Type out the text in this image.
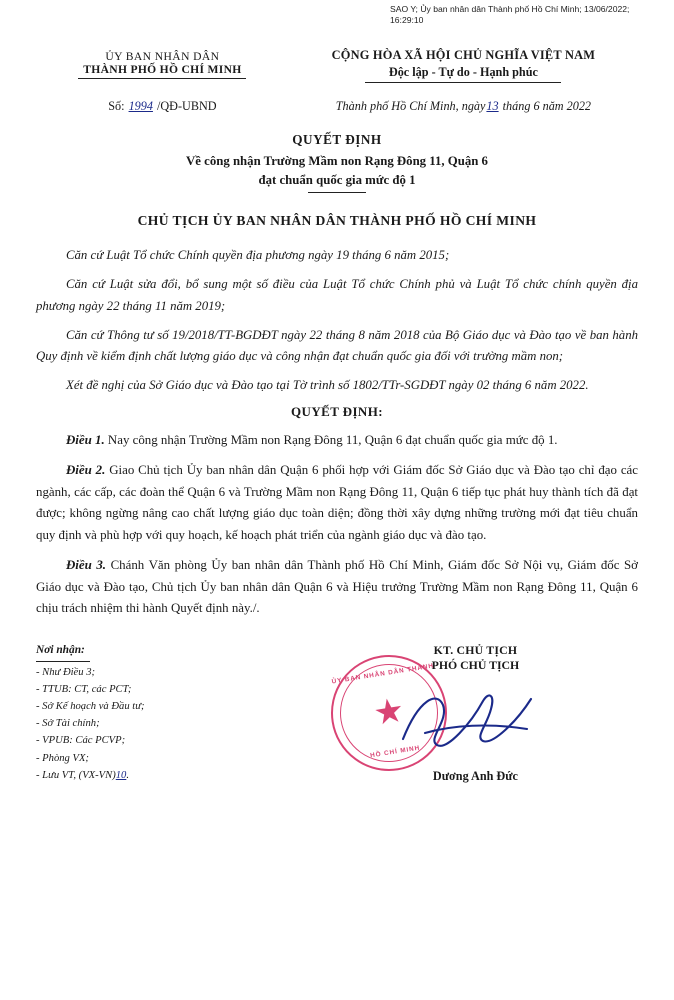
SAO Y; Ủy ban nhân dân Thành phố Hồ Chí Minh; 13/06/2022; 16:29:10
ỦY BAN NHÂN DÂN
THÀNH PHỐ HỒ CHÍ MINH
CỘNG HÒA XÃ HỘI CHỦ NGHĨA VIỆT NAM
Độc lập - Tự do - Hạnh phúc
Số: 1994 /QĐ-UBND	Thành phố Hồ Chí Minh, ngày13 tháng 6 năm 2022
QUYẾT ĐỊNH
Về công nhận Trường Mầm non Rạng Đông 11, Quận 6
đạt chuẩn quốc gia mức độ 1
CHỦ TỊCH ỦY BAN NHÂN DÂN THÀNH PHỐ HỒ CHÍ MINH

Căn cứ Luật Tổ chức Chính quyền địa phương ngày 19 tháng 6 năm 2015;

Căn cứ Luật sửa đổi, bổ sung một số điều của Luật Tổ chức Chính phủ và Luật Tổ chức chính quyền địa phương ngày 22 tháng 11 năm 2019;

Căn cứ Thông tư số 19/2018/TT-BGDĐT ngày 22 tháng 8 năm 2018 của Bộ Giáo dục và Đào tạo về ban hành Quy định về kiểm định chất lượng giáo dục và công nhận đạt chuẩn quốc gia đối với trường mầm non;

Xét đề nghị của Sở Giáo dục và Đào tạo tại Tờ trình số 1802/TTr-SGDĐT ngày 02 tháng 6 năm 2022.

QUYẾT ĐỊNH:

Điều 1. Nay công nhận Trường Mầm non Rạng Đông 11, Quận 6 đạt chuẩn quốc gia mức độ 1.

Điều 2. Giao Chủ tịch Ủy ban nhân dân Quận 6 phối hợp với Giám đốc Sở Giáo dục và Đào tạo chỉ đạo các ngành, các cấp, các đoàn thể Quận 6 và Trường Mầm non Rạng Đông 11, Quận 6 tiếp tục phát huy thành tích đã đạt được; không ngừng nâng cao chất lượng giáo dục toàn diện; đồng thời xây dựng những trường mới đạt tiêu chuẩn quy định và phù hợp với quy hoạch, kế hoạch phát triển của ngành giáo dục và đào tạo.

Điều 3. Chánh Văn phòng Ủy ban nhân dân Thành phố Hồ Chí Minh, Giám đốc Sở Nội vụ, Giám đốc Sở Giáo dục và Đào tạo, Chủ tịch Ủy ban nhân dân Quận 6 và Hiệu trưởng Trường Mầm non Rạng Đông 11, Quận 6 chịu trách nhiệm thi hành Quyết định này./.

Nơi nhận:
- Như Điều 3;
- TTUB: CT, các PCT;
- Sở Kế hoạch và Đầu tư;
- Sở Tài chính;
- VPUB: Các PCVP;
- Phòng VX;
- Lưu VT, (VX-VN)10.
KT. CHỦ TỊCH
PHÓ CHỦ TỊCH
ỦY BAN NHÂN DÂN THÀNH
★
HỒ CHÍ MINH
Dương Anh Đức
